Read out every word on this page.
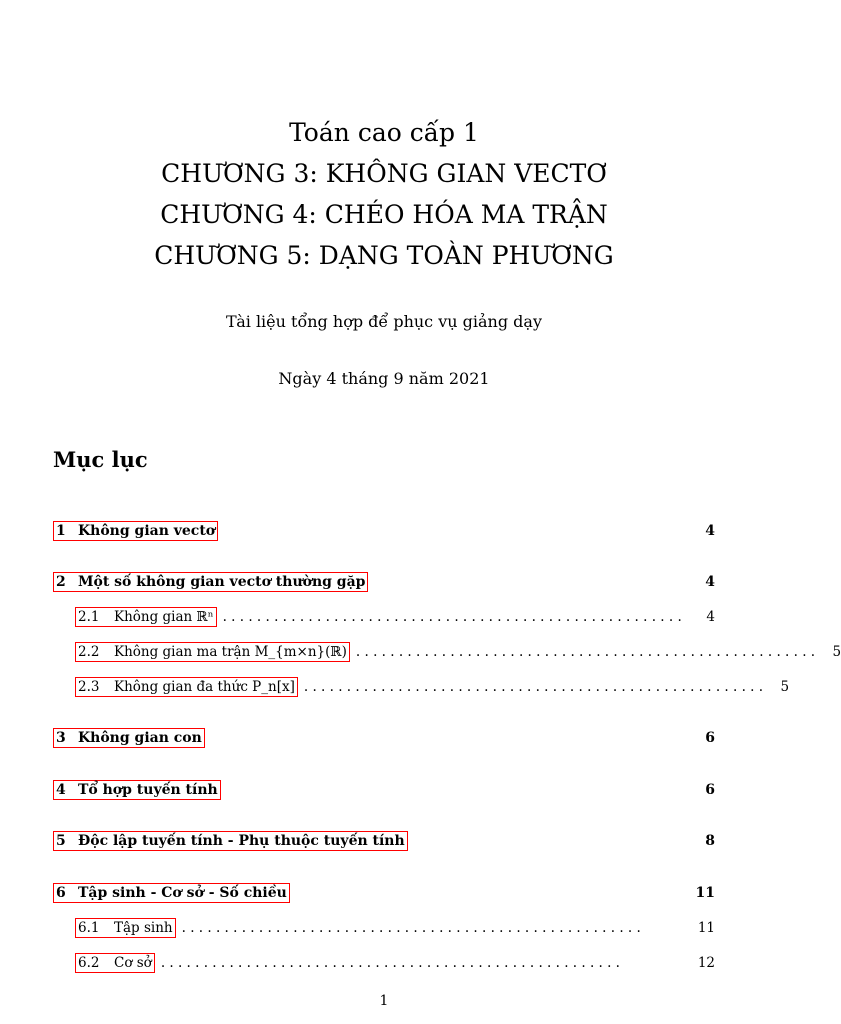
Toán cao cấp 1
CHƯƠNG 3: KHÔNG GIAN VECTƠ
CHƯƠNG 4: CHÉO HÓA MA TRẬN
CHƯƠNG 5: DẠNG TOÀN PHƯƠNG
Tài liệu tổng hợp để phục vụ giảng dạy
Ngày 4 tháng 9 năm 2021
Mục lục
1 Không gian vectơ	4
2 Một số không gian vectơ thường gặp	4
2.1	Không gian ℝⁿ . . . . . . . . . . . . . . . . . . . . . . . . . . . . . . . . . . . . . . . . . . . . . . . . . . . . . .	4
2.2	Không gian ma trận M_{m×n}(ℝ) . . . . . . . . . . . . . . . . . . . . . . . . . . . . . . . . . . . . . . . . . . . . . . . . . . . . . .	5
2.3	Không gian đa thức P_n[x] . . . . . . . . . . . . . . . . . . . . . . . . . . . . . . . . . . . . . . . . . . . . . . . . . . . . . .	5
3 Không gian con	6
4 Tổ hợp tuyến tính	6
5 Độc lập tuyến tính - Phụ thuộc tuyến tính	8
6 Tập sinh - Cơ sở - Số chiều	11
6.1	Tập sinh . . . . . . . . . . . . . . . . . . . . . . . . . . . . . . . . . . . . . . . . . . . . . . . . . . . . . .	11
6.2	Cơ sở . . . . . . . . . . . . . . . . . . . . . . . . . . . . . . . . . . . . . . . . . . . . . . . . . . . . . .	12
1
